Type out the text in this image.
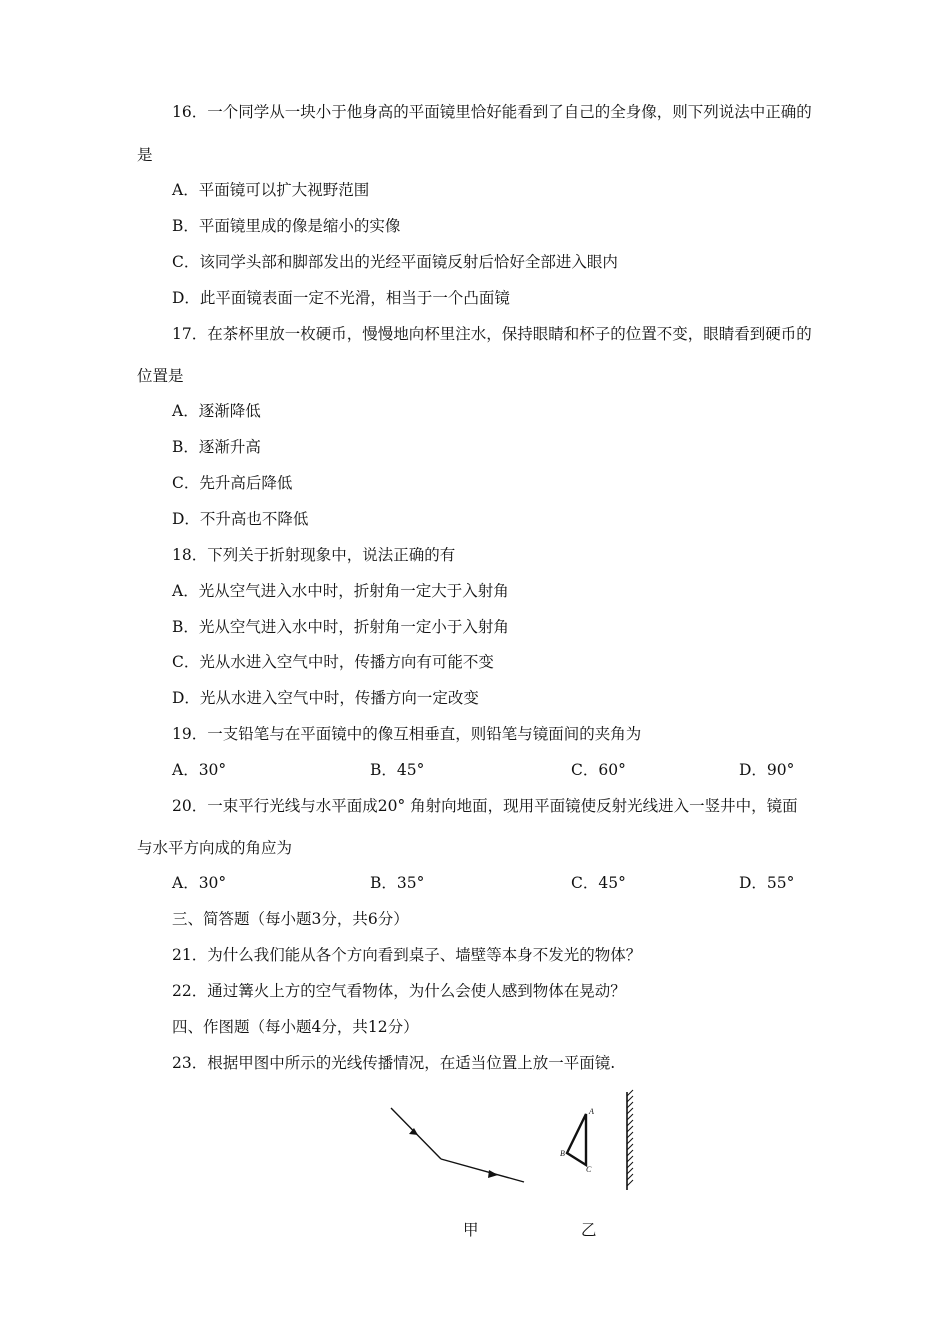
16．一个同学从一块小于他身高的平面镜里恰好能看到了自己的全身像，则下列说法中正确的
是
A．平面镜可以扩大视野范围
B．平面镜里成的像是缩小的实像
C．该同学头部和脚部发出的光经平面镜反射后恰好全部进入眼内
D．此平面镜表面一定不光滑，相当于一个凸面镜
17．在茶杯里放一枚硬币，慢慢地向杯里注水，保持眼睛和杯子的位置不变，眼睛看到硬币的
位置是
A．逐渐降低
B．逐渐升高
C．先升高后降低
D．不升高也不降低
18．下列关于折射现象中，说法正确的有
A．光从空气进入水中时，折射角一定大于入射角
B．光从空气进入水中时，折射角一定小于入射角
C．光从水进入空气中时，传播方向有可能不变
D．光从水进入空气中时，传播方向一定改变
19．一支铅笔与在平面镜中的像互相垂直，则铅笔与镜面间的夹角为
A．30°	B．45°	C．60°	D．90°
20．一束平行光线与水平面成20° 角射向地面，现用平面镜使反射光线进入一竖井中，镜面
与水平方向成的角应为
A．30°	B．35°	C．45°	D．55°
三、简答题（每小题3分，共6分）
21．为什么我们能从各个方向看到桌子、墙壁等本身不发光的物体？
22．通过篝火上方的空气看物体，为什么会使人感到物体在晃动？
四、作图题（每小题4分，共12分）
23．根据甲图中所示的光线传播情况，在适当位置上放一平面镜.
A
B
C
甲	乙
